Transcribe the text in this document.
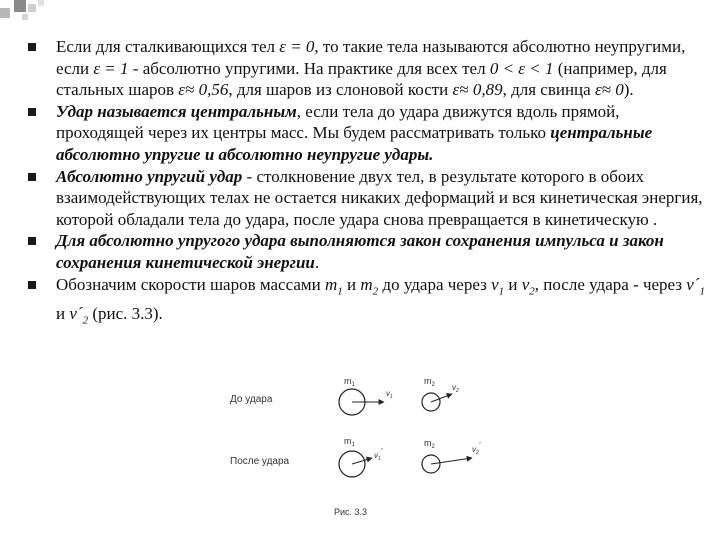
Если для сталкивающихся тел ε = 0, то такие тела называются абсолютно неупругими, если ε = 1 - абсолютно упругими. На практике для всех тел 0 < ε < 1 (например, для стальных шаров ε≈ 0,56, для шаров из слоновой кости ε≈ 0,89, для свинца ε≈ 0).
Удар называется центральным, если тела до удара движутся вдоль прямой, проходящей через их центры масс. Мы будем рассматривать только центральные абсолютно упругие и абсолютно неупругие удары.
Абсолютно упругий удар - столкновение двух тел, в результате которого в обоих взаимодействующих телах не остается никаких деформаций и вся кинетическая энергия, которой обладали тела до удара, после удара снова превращается в кинетическую .
Для абсолютно упругого удара выполняются закон сохранения импульса и закон сохранения кинетической энергии.
Обозначим скорости шаров массами $m_1$ и $m_2$ до удара через $v_1$ и $v_2$, после удара - через $v´_1$ и $v´_2$ (рис. 3.3).
До удара
$m_1$
$v_1$
$m_2$ $v_2$
После удара
$m_1$
$v_1'$
$m_2$	$v_2'$
Рис. 3.3
